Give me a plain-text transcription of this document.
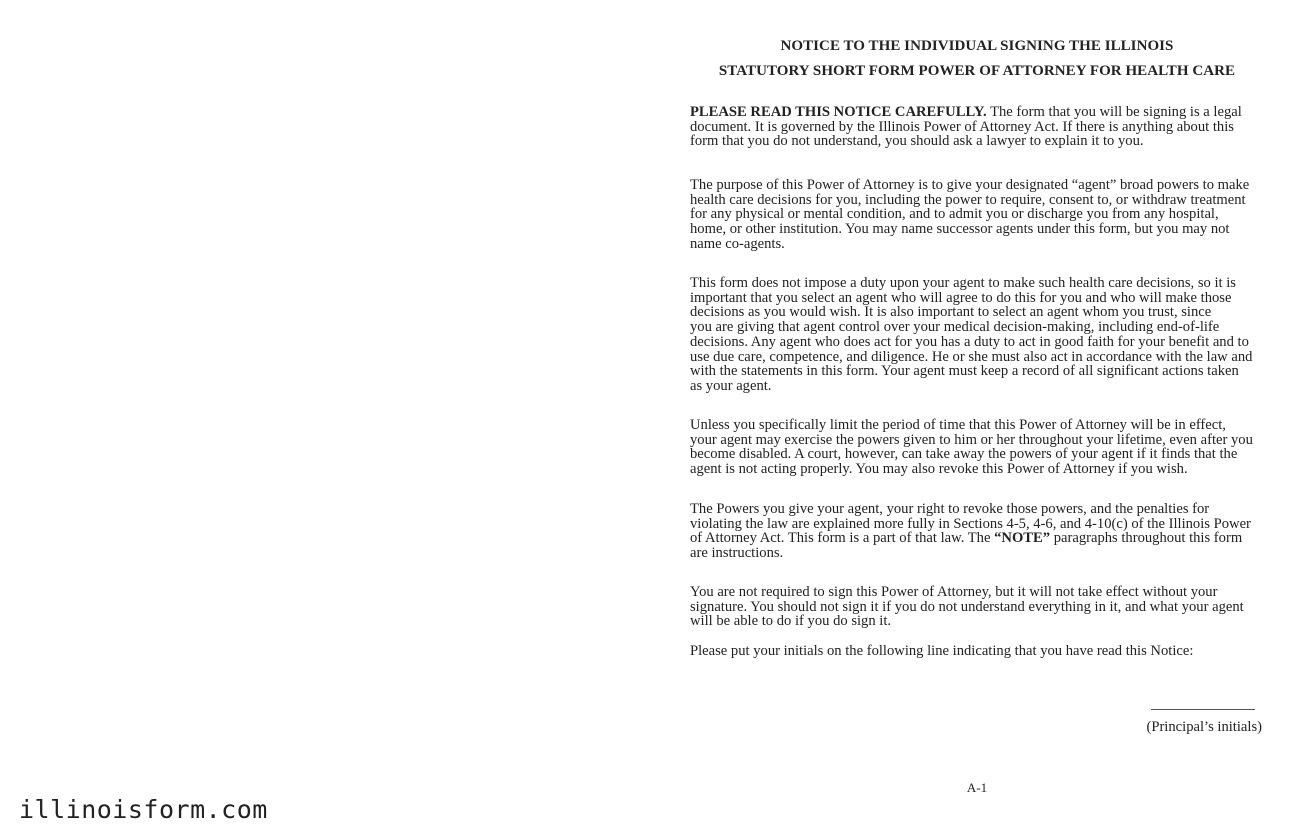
NOTICE TO THE INDIVIDUAL SIGNING THE ILLINOIS
STATUTORY SHORT FORM POWER OF ATTORNEY FOR HEALTH CARE
PLEASE READ THIS NOTICE CAREFULLY. The form that you will be signing is a legal
document. It is governed by the Illinois Power of Attorney Act. If there is anything about this
form that you do not understand, you should ask a lawyer to explain it to you.
The purpose of this Power of Attorney is to give your designated “agent” broad powers to make
health care decisions for you, including the power to require, consent to, or withdraw treatment
for any physical or mental condition, and to admit you or discharge you from any hospital,
home, or other institution. You may name successor agents under this form, but you may not
name co-agents.
This form does not impose a duty upon your agent to make such health care decisions, so it is
important that you select an agent who will agree to do this for you and who will make those
decisions as you would wish. It is also important to select an agent whom you trust, since
you are giving that agent control over your medical decision-making, including end-of-life
decisions. Any agent who does act for you has a duty to act in good faith for your benefit and to
use due care, competence, and diligence. He or she must also act in accordance with the law and
with the statements in this form. Your agent must keep a record of all significant actions taken
as your agent.
Unless you specifically limit the period of time that this Power of Attorney will be in effect,
your agent may exercise the powers given to him or her throughout your lifetime, even after you
become disabled. A court, however, can take away the powers of your agent if it finds that the
agent is not acting properly. You may also revoke this Power of Attorney if you wish.
The Powers you give your agent, your right to revoke those powers, and the penalties for
violating the law are explained more fully in Sections 4-5, 4-6, and 4-10(c) of the Illinois Power
of Attorney Act. This form is a part of that law. The “NOTE” paragraphs throughout this form
are instructions.
You are not required to sign this Power of Attorney, but it will not take effect without your
signature. You should not sign it if you do not understand everything in it, and what your agent
will be able to do if you do sign it.
Please put your initials on the following line indicating that you have read this Notice:
(Principal’s initials)
A-1
illinoisform.com
